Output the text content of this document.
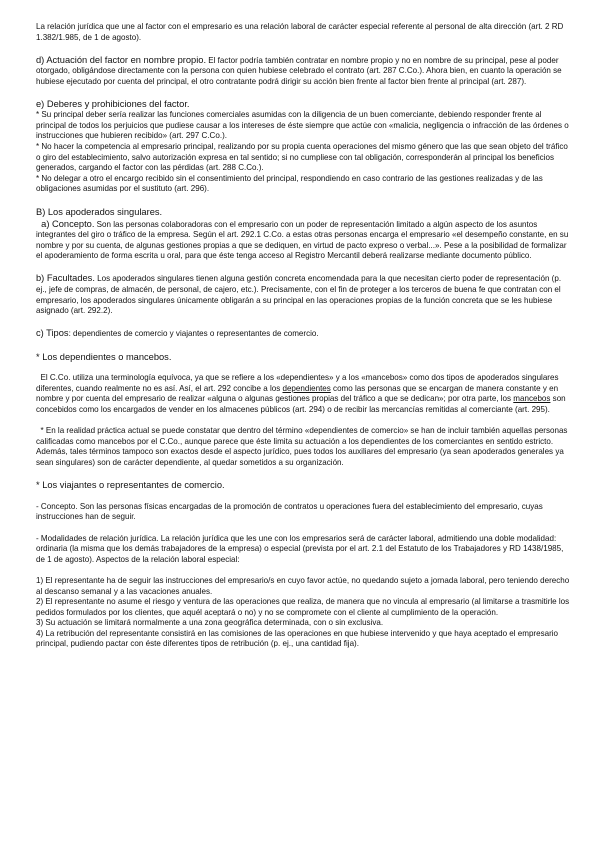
La relación jurídica que une al factor con el empresario es una relación laboral de carácter especial referente al personal de alta dirección (art. 2 RD 1.382/1.985, de 1 de agosto).

d) Actuación del factor en nombre propio. El factor podría también contratar en nombre propio y no en nombre de su principal, pese al poder otorgado, obligándose directamente con la persona con quien hubiese celebrado el contrato (art. 287 C.Co.). Ahora bien, en cuanto la operación se hubiese ejecutado por cuenta del principal, el otro contratante podrá dirigir su acción bien frente al factor bien frente al principal (art. 287).

e) Deberes y prohibiciones del factor.

* Su principal deber sería realizar las funciones comerciales asumidas con la diligencia de un buen comerciante, debiendo responder frente al principal de todos los perjuicios que pudiese causar a los intereses de éste siempre que actúe con «malicia, negligencia o infracción de las órdenes o instrucciones que hubieren recibido» (art. 297 C.Co.).

* No hacer la competencia al empresario principal, realizando por su propia cuenta operaciones del mismo género que las que sean objeto del tráfico o giro del establecimiento, salvo autorización expresa en tal sentido; si no cumpliese con tal obligación, corresponderán al principal los beneficios generados, cargando el factor con las pérdidas (art. 288 C.Co.).

* No delegar a otro el encargo recibido sin el consentimiento del principal, respondiendo en caso contrario de las gestiones realizadas y de las obligaciones asumidas por el sustituto (art. 296).

B) Los apoderados singulares.

a) Concepto. Son las personas colaboradoras con el empresario con un poder de representación limitado a algún aspecto de los asuntos integrantes del giro o tráfico de la empresa. Según el art. 292.1 C.Co. a estas otras personas encarga el empresario «el desempeño constante, en su nombre y por su cuenta, de algunas gestiones propias a que se dediquen, en virtud de pacto expreso o verbal...». Pese a la posibilidad de formalizar el apoderamiento de forma escrita u oral, para que éste tenga acceso al Registro Mercantil deberá realizarse mediante documento público.

b) Facultades. Los apoderados singulares tienen alguna gestión concreta encomendada para la que necesitan cierto poder de representación (p. ej., jefe de compras, de almacén, de personal, de cajero, etc.). Precisamente, con el fin de proteger a los terceros de buena fe que contratan con el empresario, los apoderados singulares únicamente obligarán a su principal en las operaciones propias de la función concreta que se les hubiese asignado (art. 292.2).

c) Tipos: dependientes de comercio y viajantes o representantes de comercio.

* Los dependientes o mancebos.

El C.Co. utiliza una terminología equívoca, ya que se refiere a los «dependientes» y a los «mancebos» como dos tipos de apoderados singulares diferentes, cuando realmente no es así. Así, el art. 292 concibe a los dependientes como las personas que se encargan de manera constante y en nombre y por cuenta del empresario de realizar «alguna o algunas gestiones propias del tráfico a que se dedican»; por otra parte, los mancebos son concebidos como los encargados de vender en los almacenes públicos (art. 294) o de recibir las mercancías remitidas al comerciante (art. 295).

* En la realidad práctica actual se puede constatar que dentro del término «dependientes de comercio» se han de incluir también aquellas personas calificadas como mancebos por el C.Co., aunque parece que éste limita su actuación a los dependientes de los comerciantes en sentido estricto. Además, tales términos tampoco son exactos desde el aspecto jurídico, pues todos los auxiliares del empresario (ya sean apoderados generales ya sean singulares) son de carácter dependiente, al quedar sometidos a su organización.

* Los viajantes o representantes de comercio.

- Concepto. Son las personas físicas encargadas de la promoción de contratos u operaciones fuera del establecimiento del empresario, cuyas instrucciones han de seguir.

- Modalidades de relación jurídica. La relación jurídica que les une con los empresarios será de carácter laboral, admitiendo una doble modalidad: ordinaria (la misma que los demás trabajadores de la empresa) o especial (prevista por el art. 2.1 del Estatuto de los Trabajadores y RD 1438/1985, de 1 de agosto). Aspectos de la relación laboral especial:

1) El representante ha de seguir las instrucciones del empresario/s en cuyo favor actúe, no quedando sujeto a jornada laboral, pero teniendo derecho al descanso semanal y a las vacaciones anuales.

2) El representante no asume el riesgo y ventura de las operaciones que realiza, de manera que no vincula al empresario (al limitarse a trasmitirle los pedidos formulados por los clientes, que aquél aceptará o no) y no se compromete con el cliente al cumplimiento de la operación.

3) Su actuación se limitará normalmente a una zona geográfica determinada, con o sin exclusiva.

4) La retribución del representante consistirá en las comisiones de las operaciones en que hubiese intervenido y que haya aceptado el empresario principal, pudiendo pactar con éste diferentes tipos de retribución (p. ej., una cantidad fija).
